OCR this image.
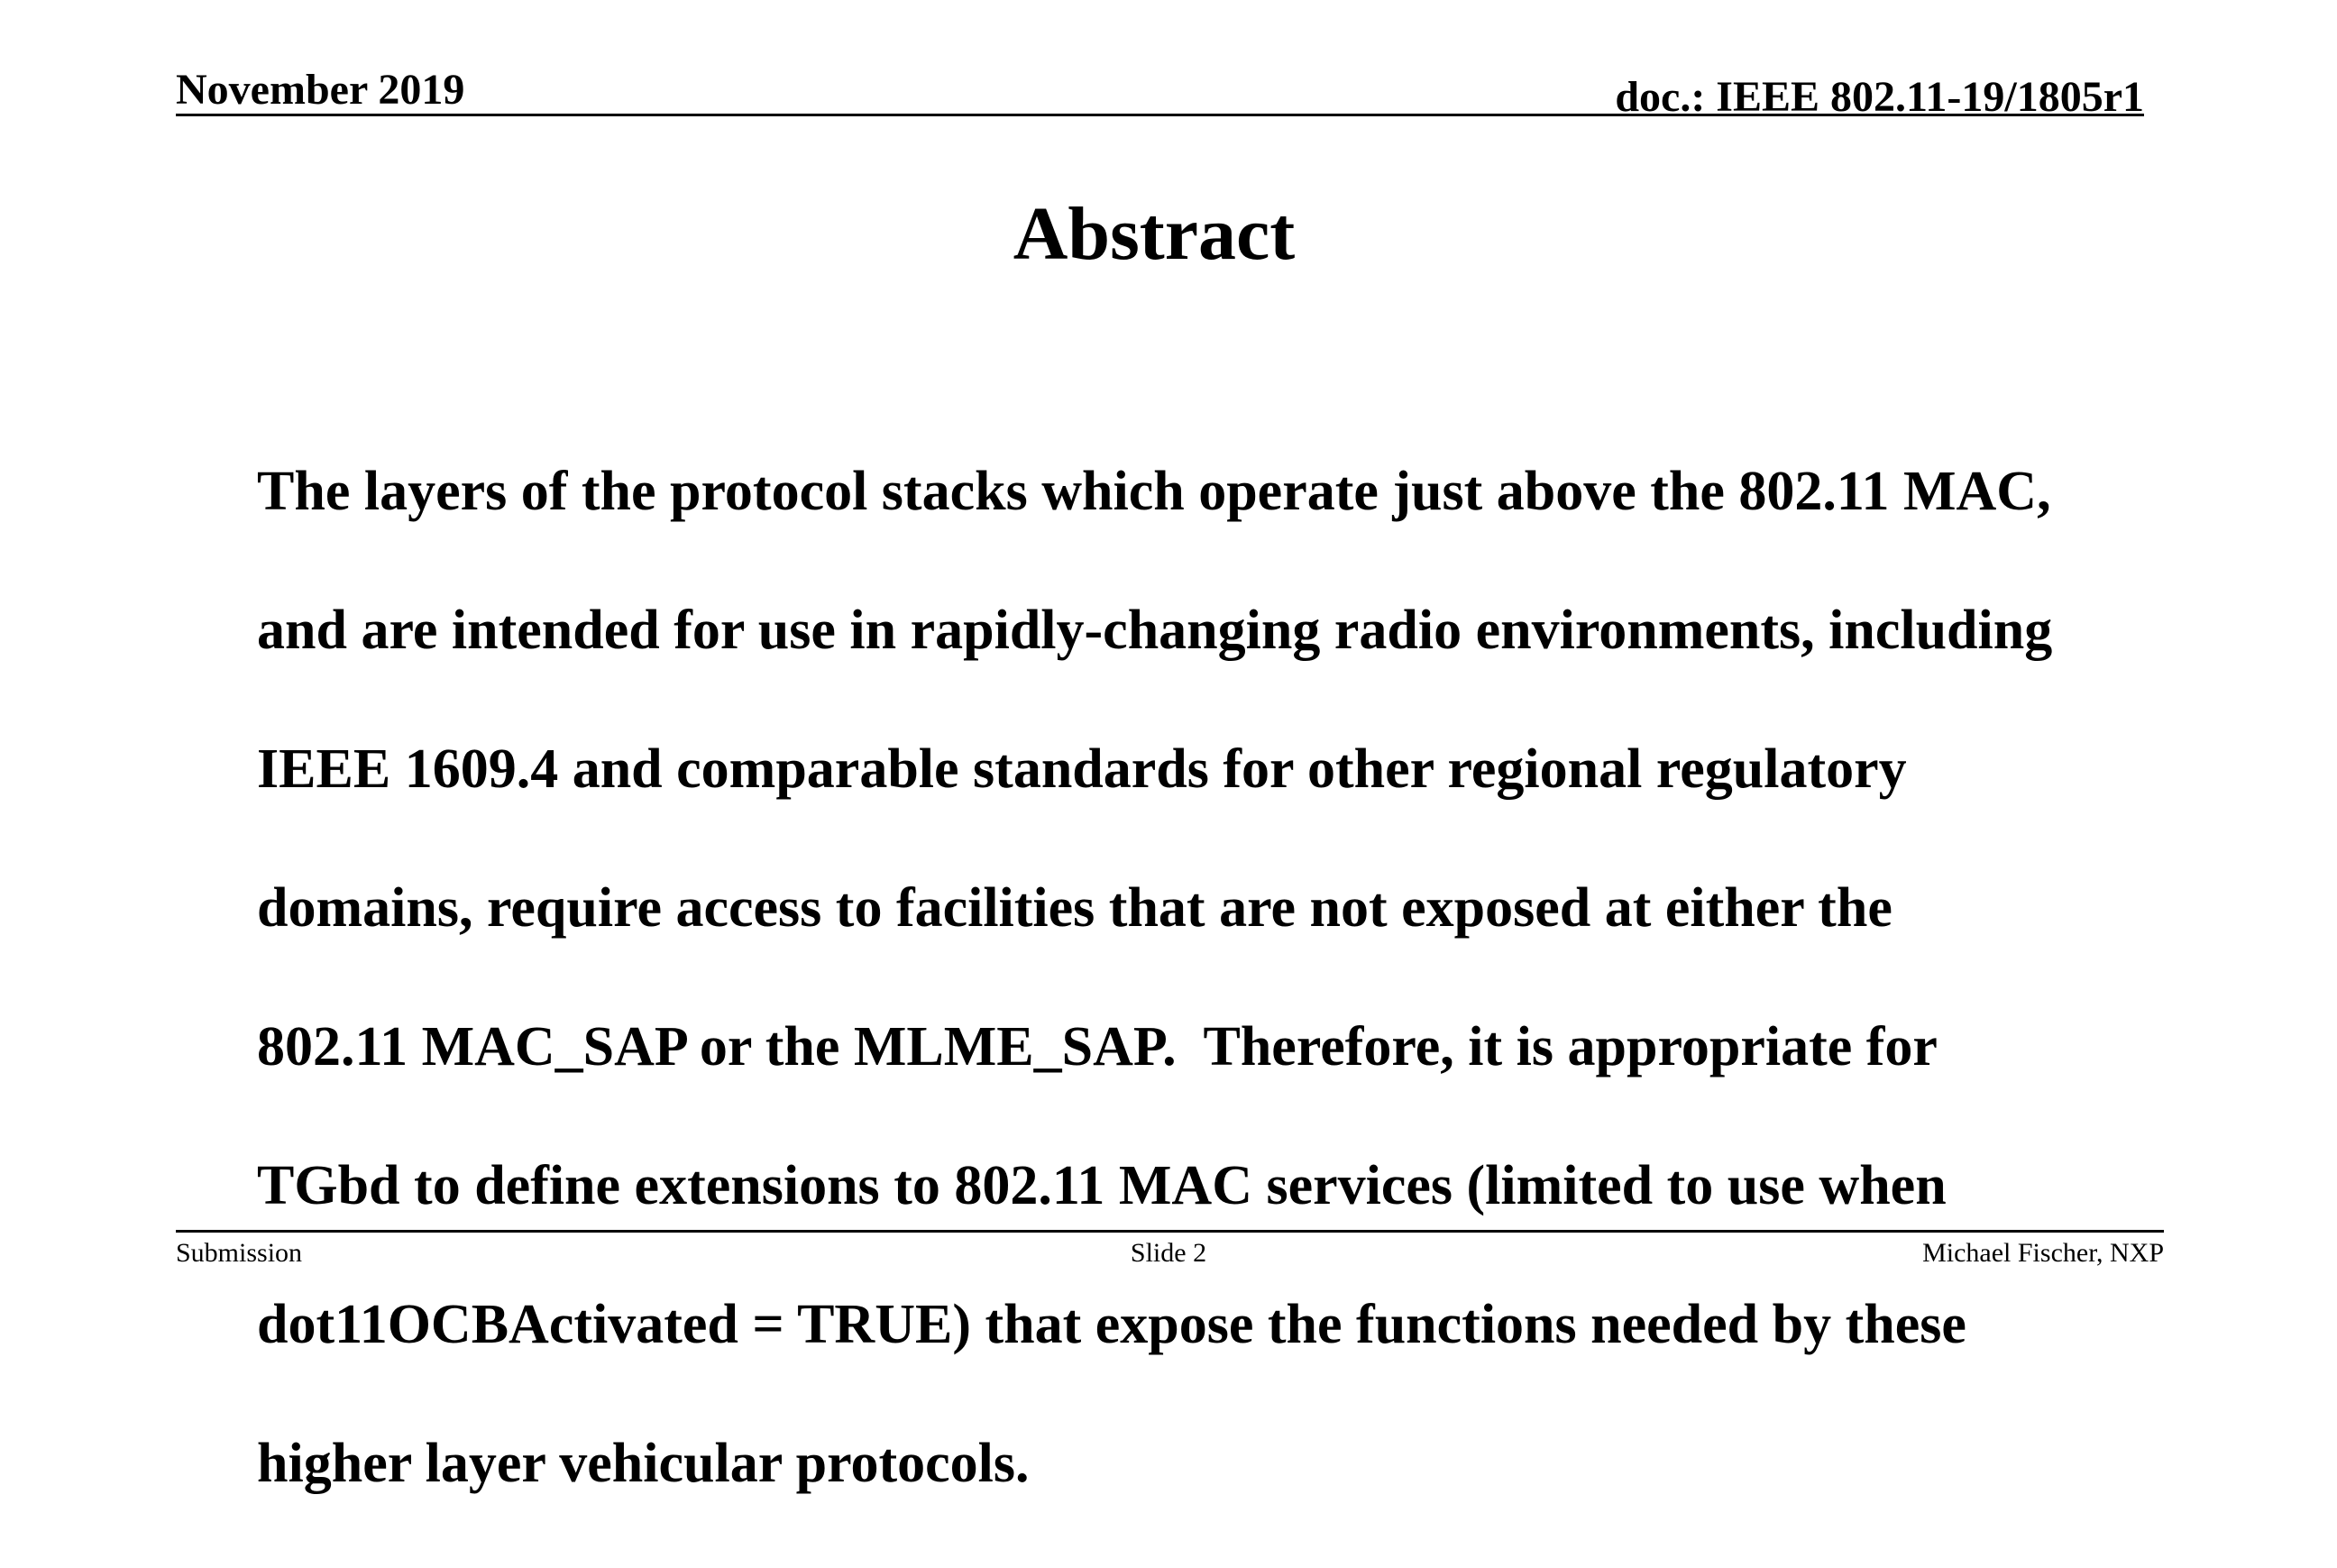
November 2019	doc.: IEEE 802.11-19/1805r1
Abstract

The layers of the protocol stacks which operate just above the 802.11 MAC,

and are intended for use in rapidly-changing radio environments, including

IEEE 1609.4 and comparable standards for other regional regulatory

domains, require access to facilities that are not exposed at either the

802.11 MAC_SAP or the MLME_SAP.  Therefore, it is appropriate for

TGbd to define extensions to 802.11 MAC services (limited to use when

dot11OCBActivated = TRUE) that expose the functions needed by these

higher layer vehicular protocols.

Submission	Slide 2	Michael Fischer, NXP
